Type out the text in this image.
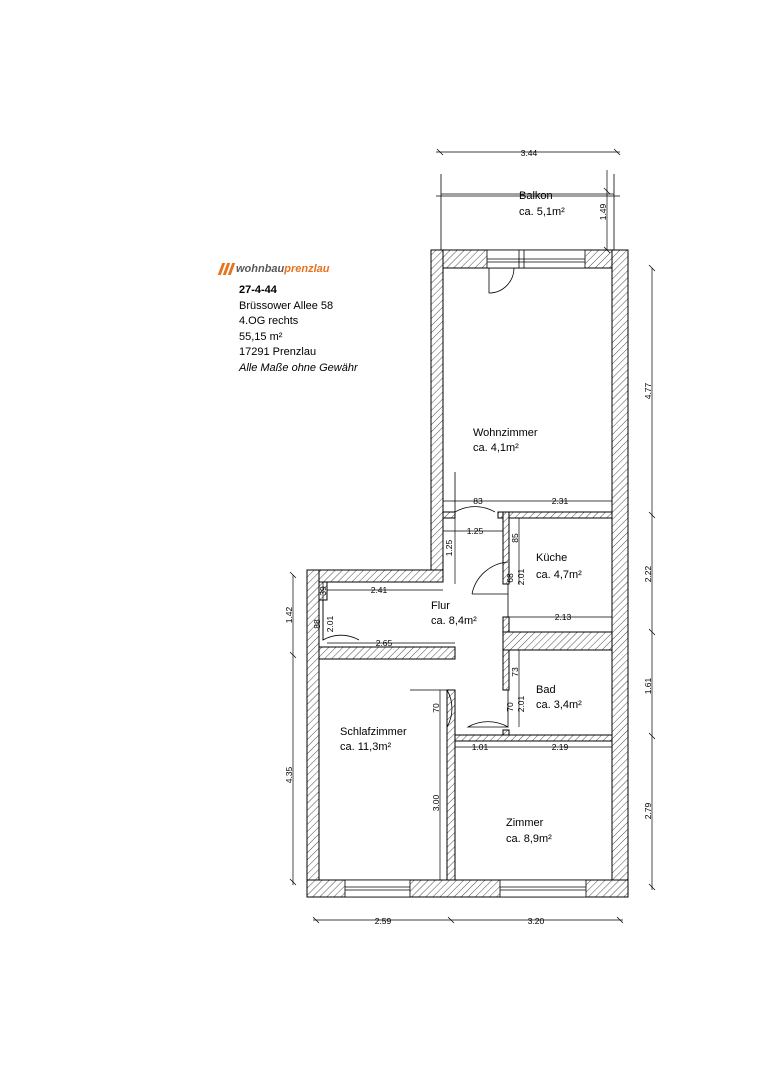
wohnbau prenzlau
27-4-44
Brüssower Allee 58
4.OG rechts
55,15 m²
17291 Prenzlau
Alle Maße ohne Gewähr
Balkon
ca. 5,1m²
Wohnzimmer
ca. 4,1m²
Küche
ca. 4,7m²
Flur
ca. 8,4m²
Bad
ca. 3,4m²
Schlafzimmer
ca. 11,3m²
Zimmer
ca. 8,9m²
3.44
1.49
4.77
2.22
1.61
2.79
1.42
4.35
2.59	3.20
83	2.31
1.25
1.25
85
2.01
68
2.41
39
88 2.01	2.13
2.65
73
2.01
70
70
3.00
1.01	2.19
